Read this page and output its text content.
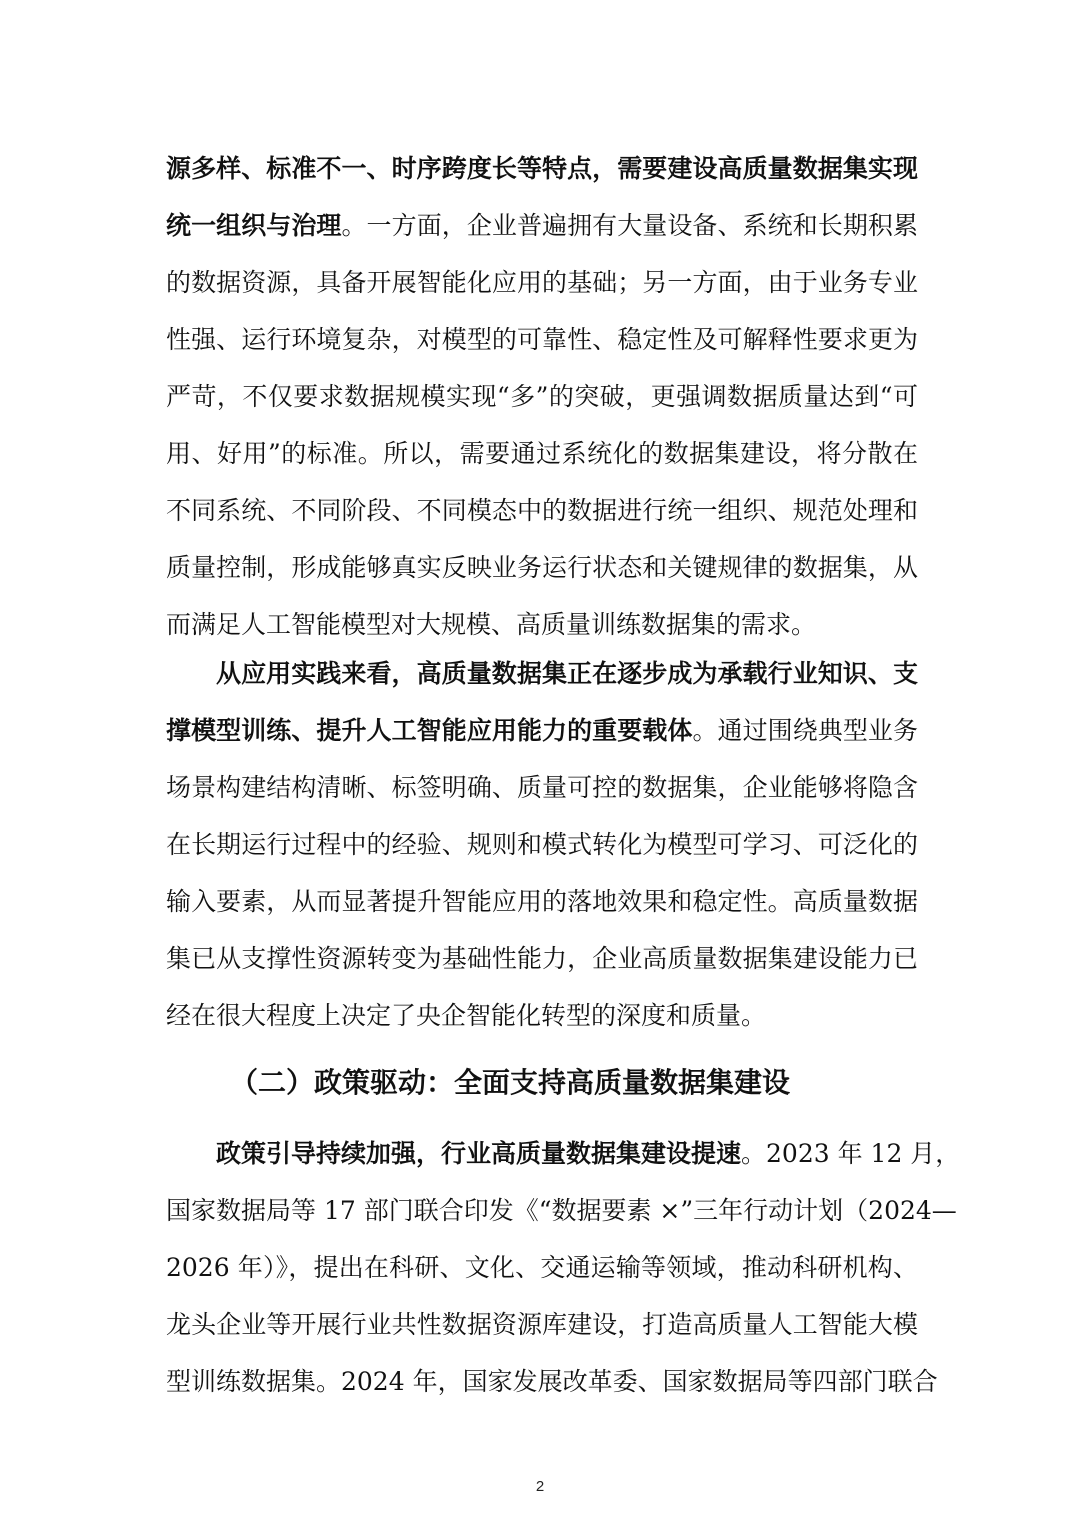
源多样、标准不一、时序跨度长等特点，需要建设高质量数据集实现
统一组织与治理。一方面，企业普遍拥有大量设备、系统和长期积累
的数据资源，具备开展智能化应用的基础；另一方面，由于业务专业
性强、运行环境复杂，对模型的可靠性、稳定性及可解释性要求更为
严苛，不仅要求数据规模实现“多”的突破，更强调数据质量达到“可
用、好用”的标准。所以，需要通过系统化的数据集建设，将分散在
不同系统、不同阶段、不同模态中的数据进行统一组织、规范处理和
质量控制，形成能够真实反映业务运行状态和关键规律的数据集，从
而满足人工智能模型对大规模、高质量训练数据集的需求。
从应用实践来看，高质量数据集正在逐步成为承载行业知识、支
撑模型训练、提升人工智能应用能力的重要载体。通过围绕典型业务
场景构建结构清晰、标签明确、质量可控的数据集，企业能够将隐含
在长期运行过程中的经验、规则和模式转化为模型可学习、可泛化的
输入要素，从而显著提升智能应用的落地效果和稳定性。高质量数据
集已从支撑性资源转变为基础性能力，企业高质量数据集建设能力已
经在很大程度上决定了央企智能化转型的深度和质量。
（二）政策驱动：全面支持高质量数据集建设
政策引导持续加强，行业高质量数据集建设提速。2023 年 12 月，
国家数据局等 17 部门联合印发《“数据要素 ×”三年行动计划（2024—
2026 年）》，提出在科研、文化、交通运输等领域，推动科研机构、
龙头企业等开展行业共性数据资源库建设，打造高质量人工智能大模
型训练数据集。2024 年，国家发展改革委、国家数据局等四部门联合
2
